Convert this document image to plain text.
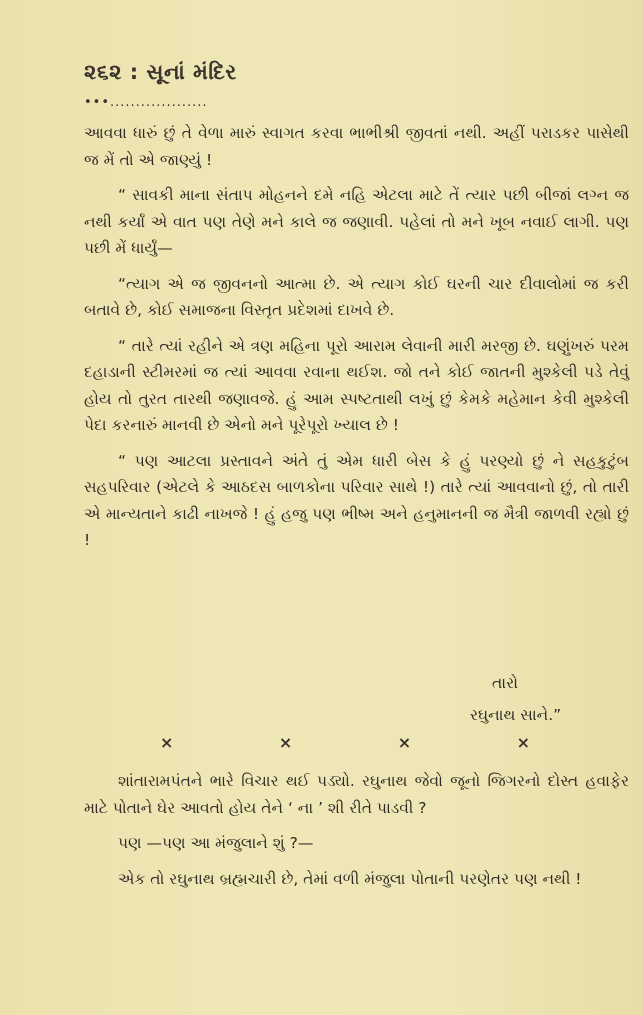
૨૬૨ : સૂનાં મંદિર
•••...................

આવવા ધારું છું તે વેળા મારું સ્વાગત કરવા ભાભીશ્રી જીવતાં નથી. અહીં પરાડકર પાસેથી જ મેં તો એ જાણ્યું !

“ સાવકી માના સંતાપ મોહનને દમે નહિ એટલા માટે તેં ત્યાર પછી બીજાં લગ્ન જ નથી કર્યાં એ વાત પણ તેણે મને કાલે જ જણાવી. પહેલાં તો મને ખૂબ નવાઈ લાગી. પણ પછી મેં ધાર્યું—

“ત્યાગ એ જ જીવનનો આત્મા છે. એ ત્યાગ કોઈ ઘરની ચાર દીવાલોમાં જ કરી બતાવે છે, કોઈ સમાજના વિસ્તૃત પ્રદેશમાં દાખવે છે.

“ તારે ત્યાં રહીને એ ત્રણ મહિના પૂરો આરામ લેવાની મારી મરજી છે. ઘણુંખરું પરમ દહાડાની સ્ટીમરમાં જ ત્યાં આવવા રવાના થઈશ. જો તને કોઈ જાતની મુશ્કેલી પડે તેવું હોય તો તુરત તારથી જણાવજે. હું આમ સ્પષ્ટતાથી લખું છું કેમકે મહેમાન કેવી મુશ્કેલી પેદા કરનારું માનવી છે એનો મને પૂરેપૂરો ખ્યાલ છે !

“ પણ આટલા પ્રસ્તાવને અંતે તું એમ ધારી બેસ કે હું પરણ્યો છું ને સહકુટુંબ સહપરિવાર (એટલે કે આઠદસ બાળકોના પરિવાર સાથે !) તારે ત્યાં આવવાનો છું, તો તારી એ માન્યતાને કાઢી નાખજે ! હું હજુ પણ ભીષ્મ અને હનુમાનની જ મૈત્રી જાળવી રહ્યો છું !

તારો
રઘુનાથ સાને.”
×	×	×	×

શાંતારામપંતને ભારે વિચાર થઈ પડ્યો. રઘુનાથ જેવો જૂનો જિગરનો દોસ્ત હવાફેર માટે પોતાને ઘેર આવતો હોય તેને ‘ ના ’ શી રીતે પાડવી ?

પણ —પણ આ મંજુલાને શું ?—

એક તો રઘુનાથ બ્રહ્મચારી છે, તેમાં વળી મંજુલા પોતાની પરણેતર પણ નથી !
